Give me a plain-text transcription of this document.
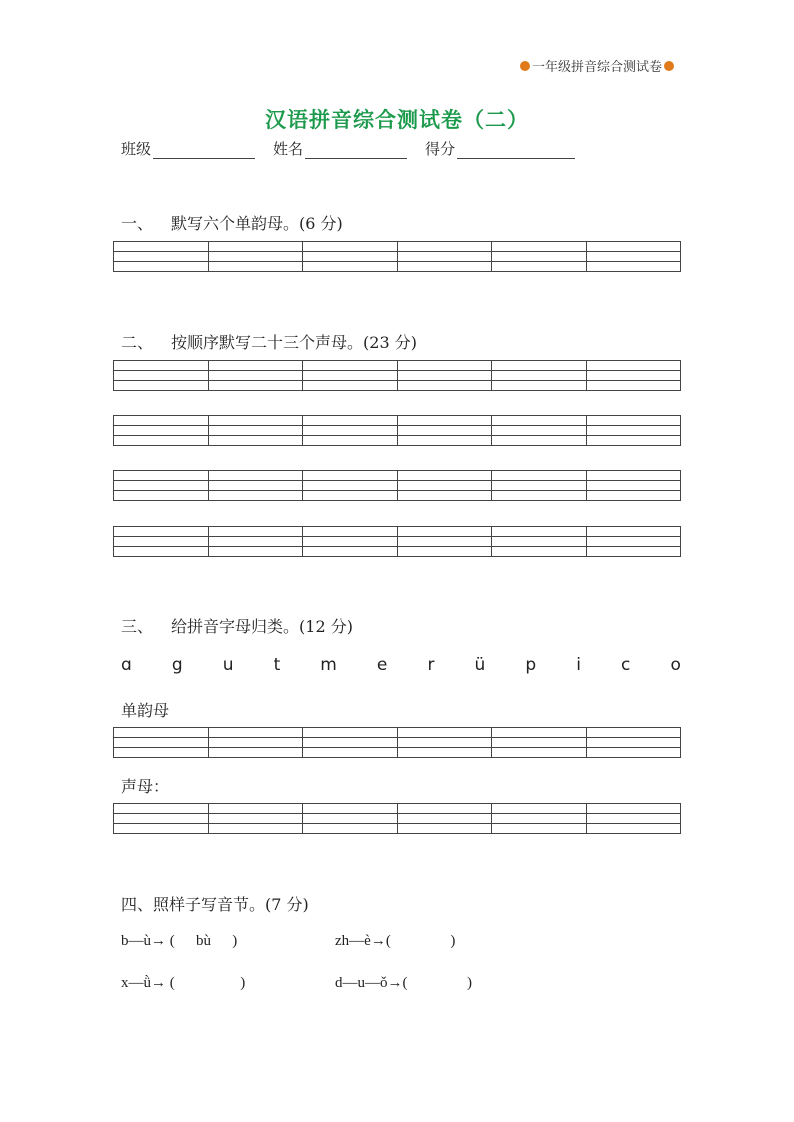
一年级拼音综合测试卷
汉语拼音综合测试卷（二）
班级	姓名	得分
一、 默写六个单韵母。(6 分)

二、 按顺序默写二十三个声母。(23 分)

三、 给拼音字母归类。(12 分)
ɑ g u t m e r ü p i c o
单韵母

声母：

四、照样子写音节。(7 分)
b—ù→ ( bù )	zh—è→(	)
x—ǜ→ (	)	d—u—ǒ→(	)
